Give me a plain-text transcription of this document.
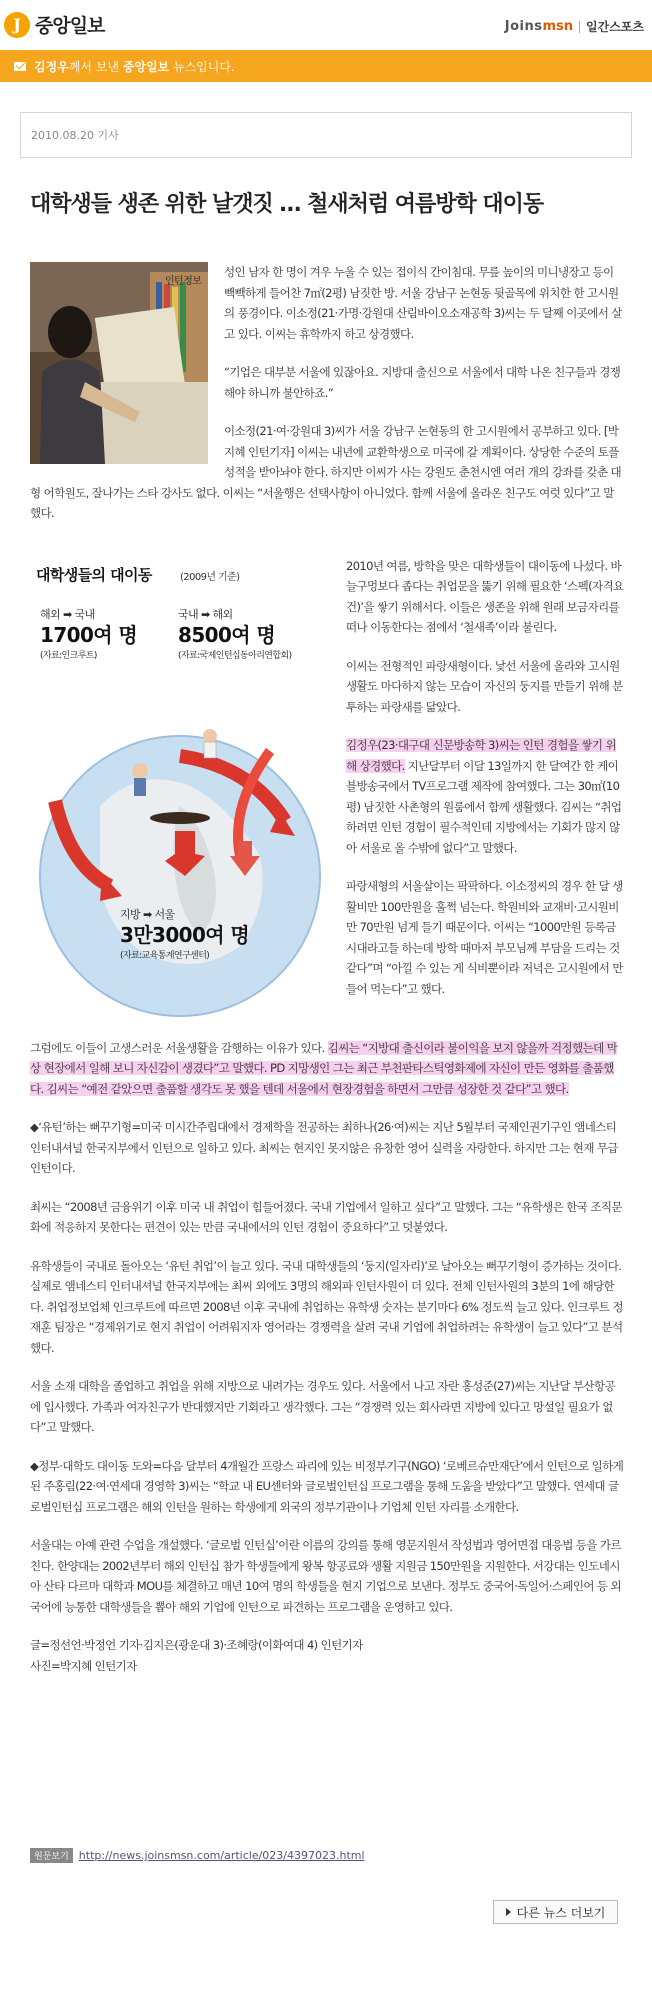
J 중앙일보	Joins msn 일간스포츠
김정우께서 보낸 중앙일보 뉴스입니다.
2010.08.20 기사
대학생들 생존 위한 날갯짓 … 철새처럼 여름방학 대이동
인턴정보

성인 남자 한 명이 겨우 누울 수 있는 접이식 간이침대. 무릎 높이의 미니냉장고 등이 빽빽하게 들어찬 7㎡(2평) 남짓한 방. 서울 강남구 논현동 뒷골목에 위치한 한 고시원의 풍경이다. 이소정(21·가명·강원대 산림바이오소재공학 3)씨는 두 달째 이곳에서 살고 있다. 이씨는 휴학까지 하고 상경했다.

“기업은 대부분 서울에 있잖아요. 지방대 출신으로 서울에서 대학 나온 친구들과 경쟁해야 하니까 불안하죠.”

이소정(21·여·강원대 3)씨가 서울 강남구 논현동의 한 고시원에서 공부하고 있다. [박지혜 인턴기자] 이씨는 내년에 교환학생으로 미국에 갈 계획이다. 상당한 수준의 토플 성적을 받아놔야 한다. 하지만 이씨가 사는 강원도 춘천시엔 여러 개의 강좌를 갖춘 대형 어학원도, 잘나가는 스타 강사도 없다. 이씨는 “서울행은 선택사항이 아니었다. 함께 서울에 올라온 친구도 여럿 있다”고 말했다.

대학생들의 대이동	(2009년 기준)
해외 ➡ 국내
1700여 명
(자료:인크루트)
국내 ➡ 해외
8500여 명
(자료:국제인턴십동아리연합회)
지방 ➡ 서울
3만3000여 명
(자료:교육통계연구센터)

2010년 여름, 방학을 맞은 대학생들이 대이동에 나섰다. 바늘구멍보다 좁다는 취업문을 뚫기 위해 필요한 ‘스펙(자격요건)’을 쌓기 위해서다. 이들은 생존을 위해 원래 보금자리를 떠나 이동한다는 점에서 ‘철새족’이라 불린다.

이씨는 전형적인 파랑새형이다. 낯선 서울에 올라와 고시원 생활도 마다하지 않는 모습이 자신의 둥지를 만들기 위해 분투하는 파랑새를 닮았다.

김정우(23·대구대 신문방송학 3)씨는 인턴 경험을 쌓기 위해 상경했다. 지난달부터 이달 13일까지 한 달여간 한 케이블방송국에서 TV프로그램 제작에 참여했다. 그는 30㎡(10평) 남짓한 사촌형의 원룸에서 함께 생활했다. 김씨는 “취업하려면 인턴 경험이 필수적인데 지방에서는 기회가 많지 않아 서울로 올 수밖에 없다”고 말했다.

파랑새형의 서울살이는 팍팍하다. 이소정씨의 경우 한 달 생활비만 100만원을 훌쩍 넘는다. 학원비와 교재비·고시원비만 70만원 넘게 들기 때문이다. 이씨는 “1000만원 등록금 시대라고들 하는데 방학 때마저 부모님께 부담을 드리는 것 같다”며 “아낄 수 있는 게 식비뿐이라 저녁은 고시원에서 만들어 먹는다”고 했다.

그럼에도 이들이 고생스러운 서울생활을 감행하는 이유가 있다. 김씨는 “지방대 출신이라 불이익을 보지 않을까 걱정했는데 막상 현장에서 일해 보니 자신감이 생겼다”고 말했다. PD 지망생인 그는 최근 부천판타스틱영화제에 자신이 만든 영화를 출품했다. 김씨는 “예전 같았으면 출품할 생각도 못 했을 텐데 서울에서 현장경험을 하면서 그만큼 성장한 것 같다”고 했다.

◆‘유턴’하는 뻐꾸기형=미국 미시간주립대에서 경제학을 전공하는 최하나(26·여)씨는 지난 5월부터 국제인권기구인 앰네스티 인터내셔널 한국지부에서 인턴으로 일하고 있다. 최씨는 현지인 못지않은 유창한 영어 실력을 자랑한다. 하지만 그는 현재 무급 인턴이다.

최씨는 “2008년 금융위기 이후 미국 내 취업이 힘들어졌다. 국내 기업에서 일하고 싶다”고 말했다. 그는 “유학생은 한국 조직문화에 적응하지 못한다는 편견이 있는 만큼 국내에서의 인턴 경험이 중요하다”고 덧붙였다.

유학생들이 국내로 돌아오는 ‘유턴 취업’이 늘고 있다. 국내 대학생들의 ‘둥지(일자리)’로 날아오는 뻐꾸기형이 증가하는 것이다. 실제로 앰네스티 인터내셔널 한국지부에는 최씨 외에도 3명의 해외파 인턴사원이 더 있다. 전체 인턴사원의 3분의 1에 해당한다. 취업정보업체 인크루트에 따르면 2008년 이후 국내에 취업하는 유학생 숫자는 분기마다 6% 정도씩 늘고 있다. 인크루트 정재훈 팀장은 “경제위기로 현지 취업이 어려워지자 영어라는 경쟁력을 살려 국내 기업에 취업하려는 유학생이 늘고 있다”고 분석했다.

서울 소재 대학을 졸업하고 취업을 위해 지방으로 내려가는 경우도 있다. 서울에서 나고 자란 홍성준(27)씨는 지난달 부산항공에 입사했다. 가족과 여자친구가 반대했지만 기회라고 생각했다. 그는 “경쟁력 있는 회사라면 지방에 있다고 망설일 필요가 없다”고 말했다.

◆정부·대학도 대이동 도와=다음 달부터 4개월간 프랑스 파리에 있는 비정부기구(NGO) ‘로베르슈만재단’에서 인턴으로 일하게 된 주홍림(22·여·연세대 경영학 3)씨는 “학교 내 EU센터와 글로벌인턴십 프로그램을 통해 도움을 받았다”고 말했다. 연세대 글로벌인턴십 프로그램은 해외 인턴을 원하는 학생에게 외국의 정부기관이나 기업체 인턴 자리를 소개한다.

서울대는 아예 관련 수업을 개설했다. ‘글로벌 인턴십’이란 이름의 강의를 통해 영문지원서 작성법과 영어면접 대응법 등을 가르친다. 한양대는 2002년부터 해외 인턴십 참가 학생들에게 왕복 항공료와 생활 지원금 150만원을 지원한다. 서강대는 인도네시아 산타 다르마 대학과 MOU를 체결하고 매년 10여 명의 학생들을 현지 기업으로 보낸다. 정부도 중국어·독일어·스페인어 등 외국어에 능통한 대학생들을 뽑아 해외 기업에 인턴으로 파견하는 프로그램을 운영하고 있다.

글=정선언·박정언 기자·김지은(광운대 3)·조혜랑(이화여대 4) 인턴기자
사진=박지혜 인턴기자
원문보기 http://news.joinsmsn.com/article/023/4397023.html
다른 뉴스 더보기
